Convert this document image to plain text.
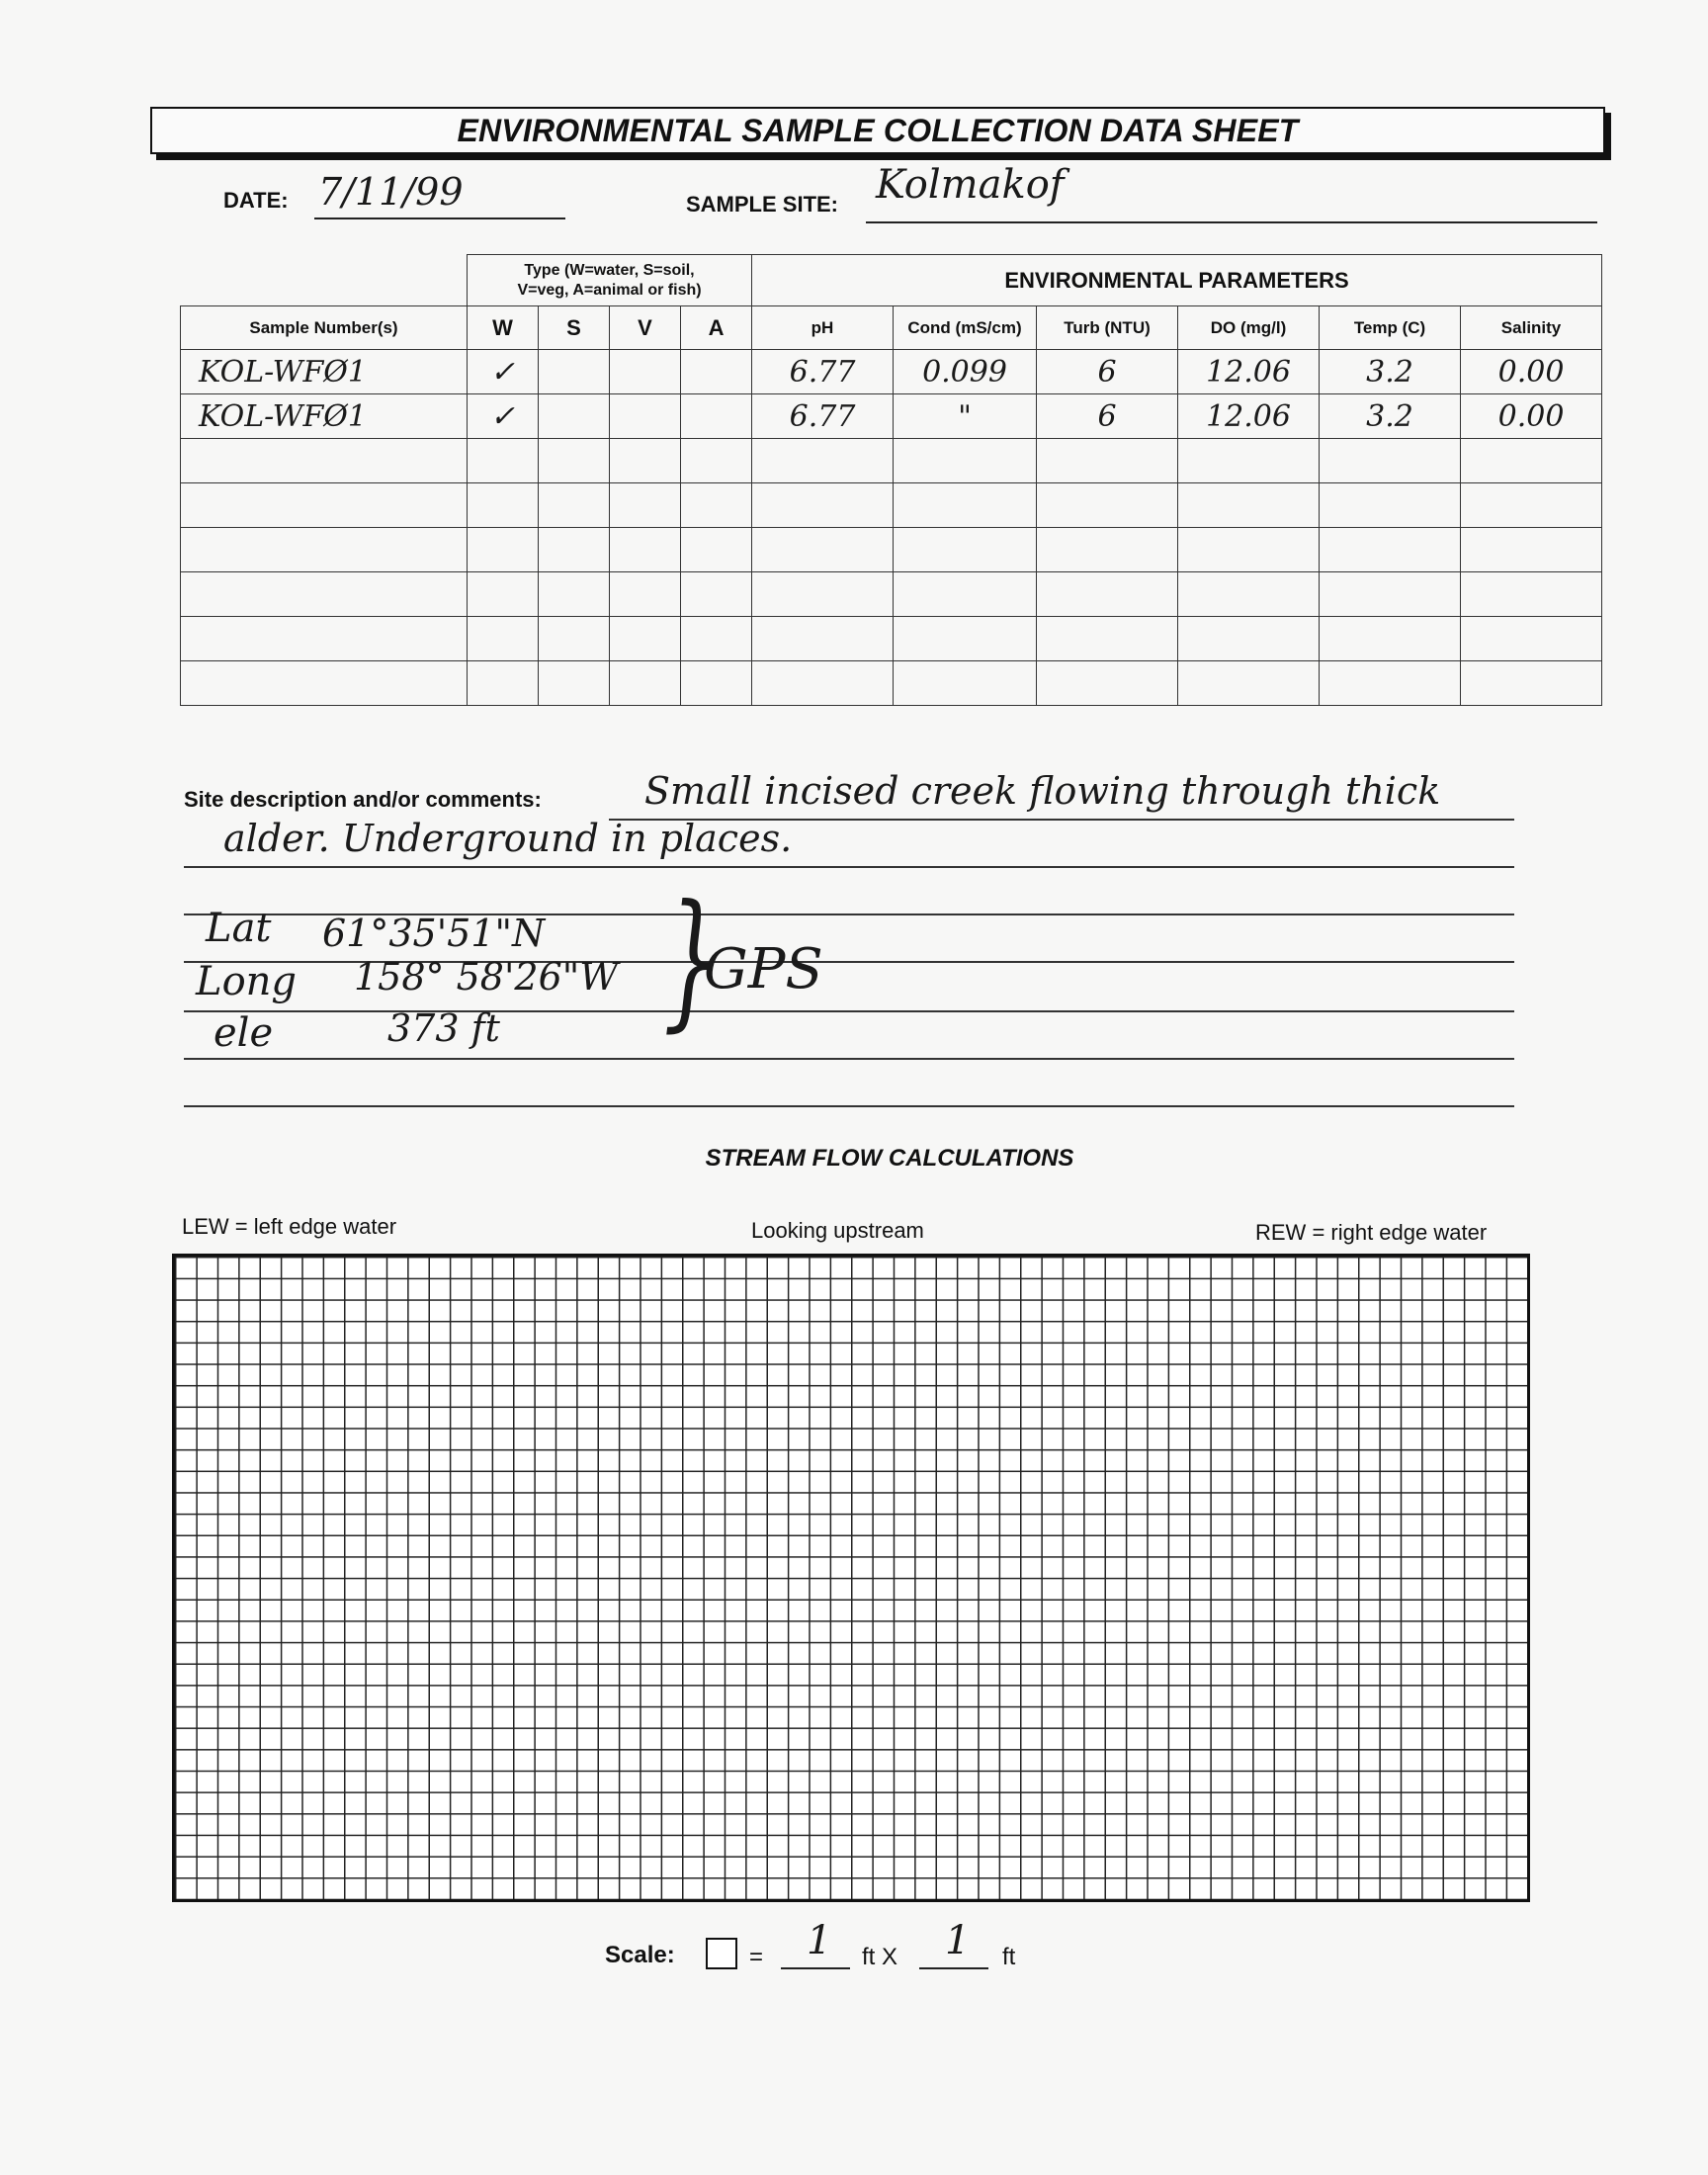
ENVIRONMENTAL SAMPLE COLLECTION DATA SHEET
DATE: 7/11/99	SAMPLE SITE: Kolmakof

	Type (W=water, S=soil,
V=veg, A=animal or fish)				ENVIRONMENTAL PARAMETERS					
Sample Number(s)	W	S	V	A	pH	Cond (mS/cm)	Turb (NTU)	DO (mg/l)	Temp (C)	Salinity
KOL-WFØ1	✓				6.77	0.099	6	12.06	3.2	0.00
KOL-WFØ1	✓				6.77	"	6	12.06	3.2	0.00

Site description and/or comments:	Small incised creek flowing through thick
alder. Underground in places.
Lat 61°35'51"N
Long 158° 58'26"W
ele	373 ft }
GPS
STREAM FLOW CALCULATIONS
LEW = left edge water	Looking upstream	REW = right edge water
Scale:	= 1 ft X 1 ft
